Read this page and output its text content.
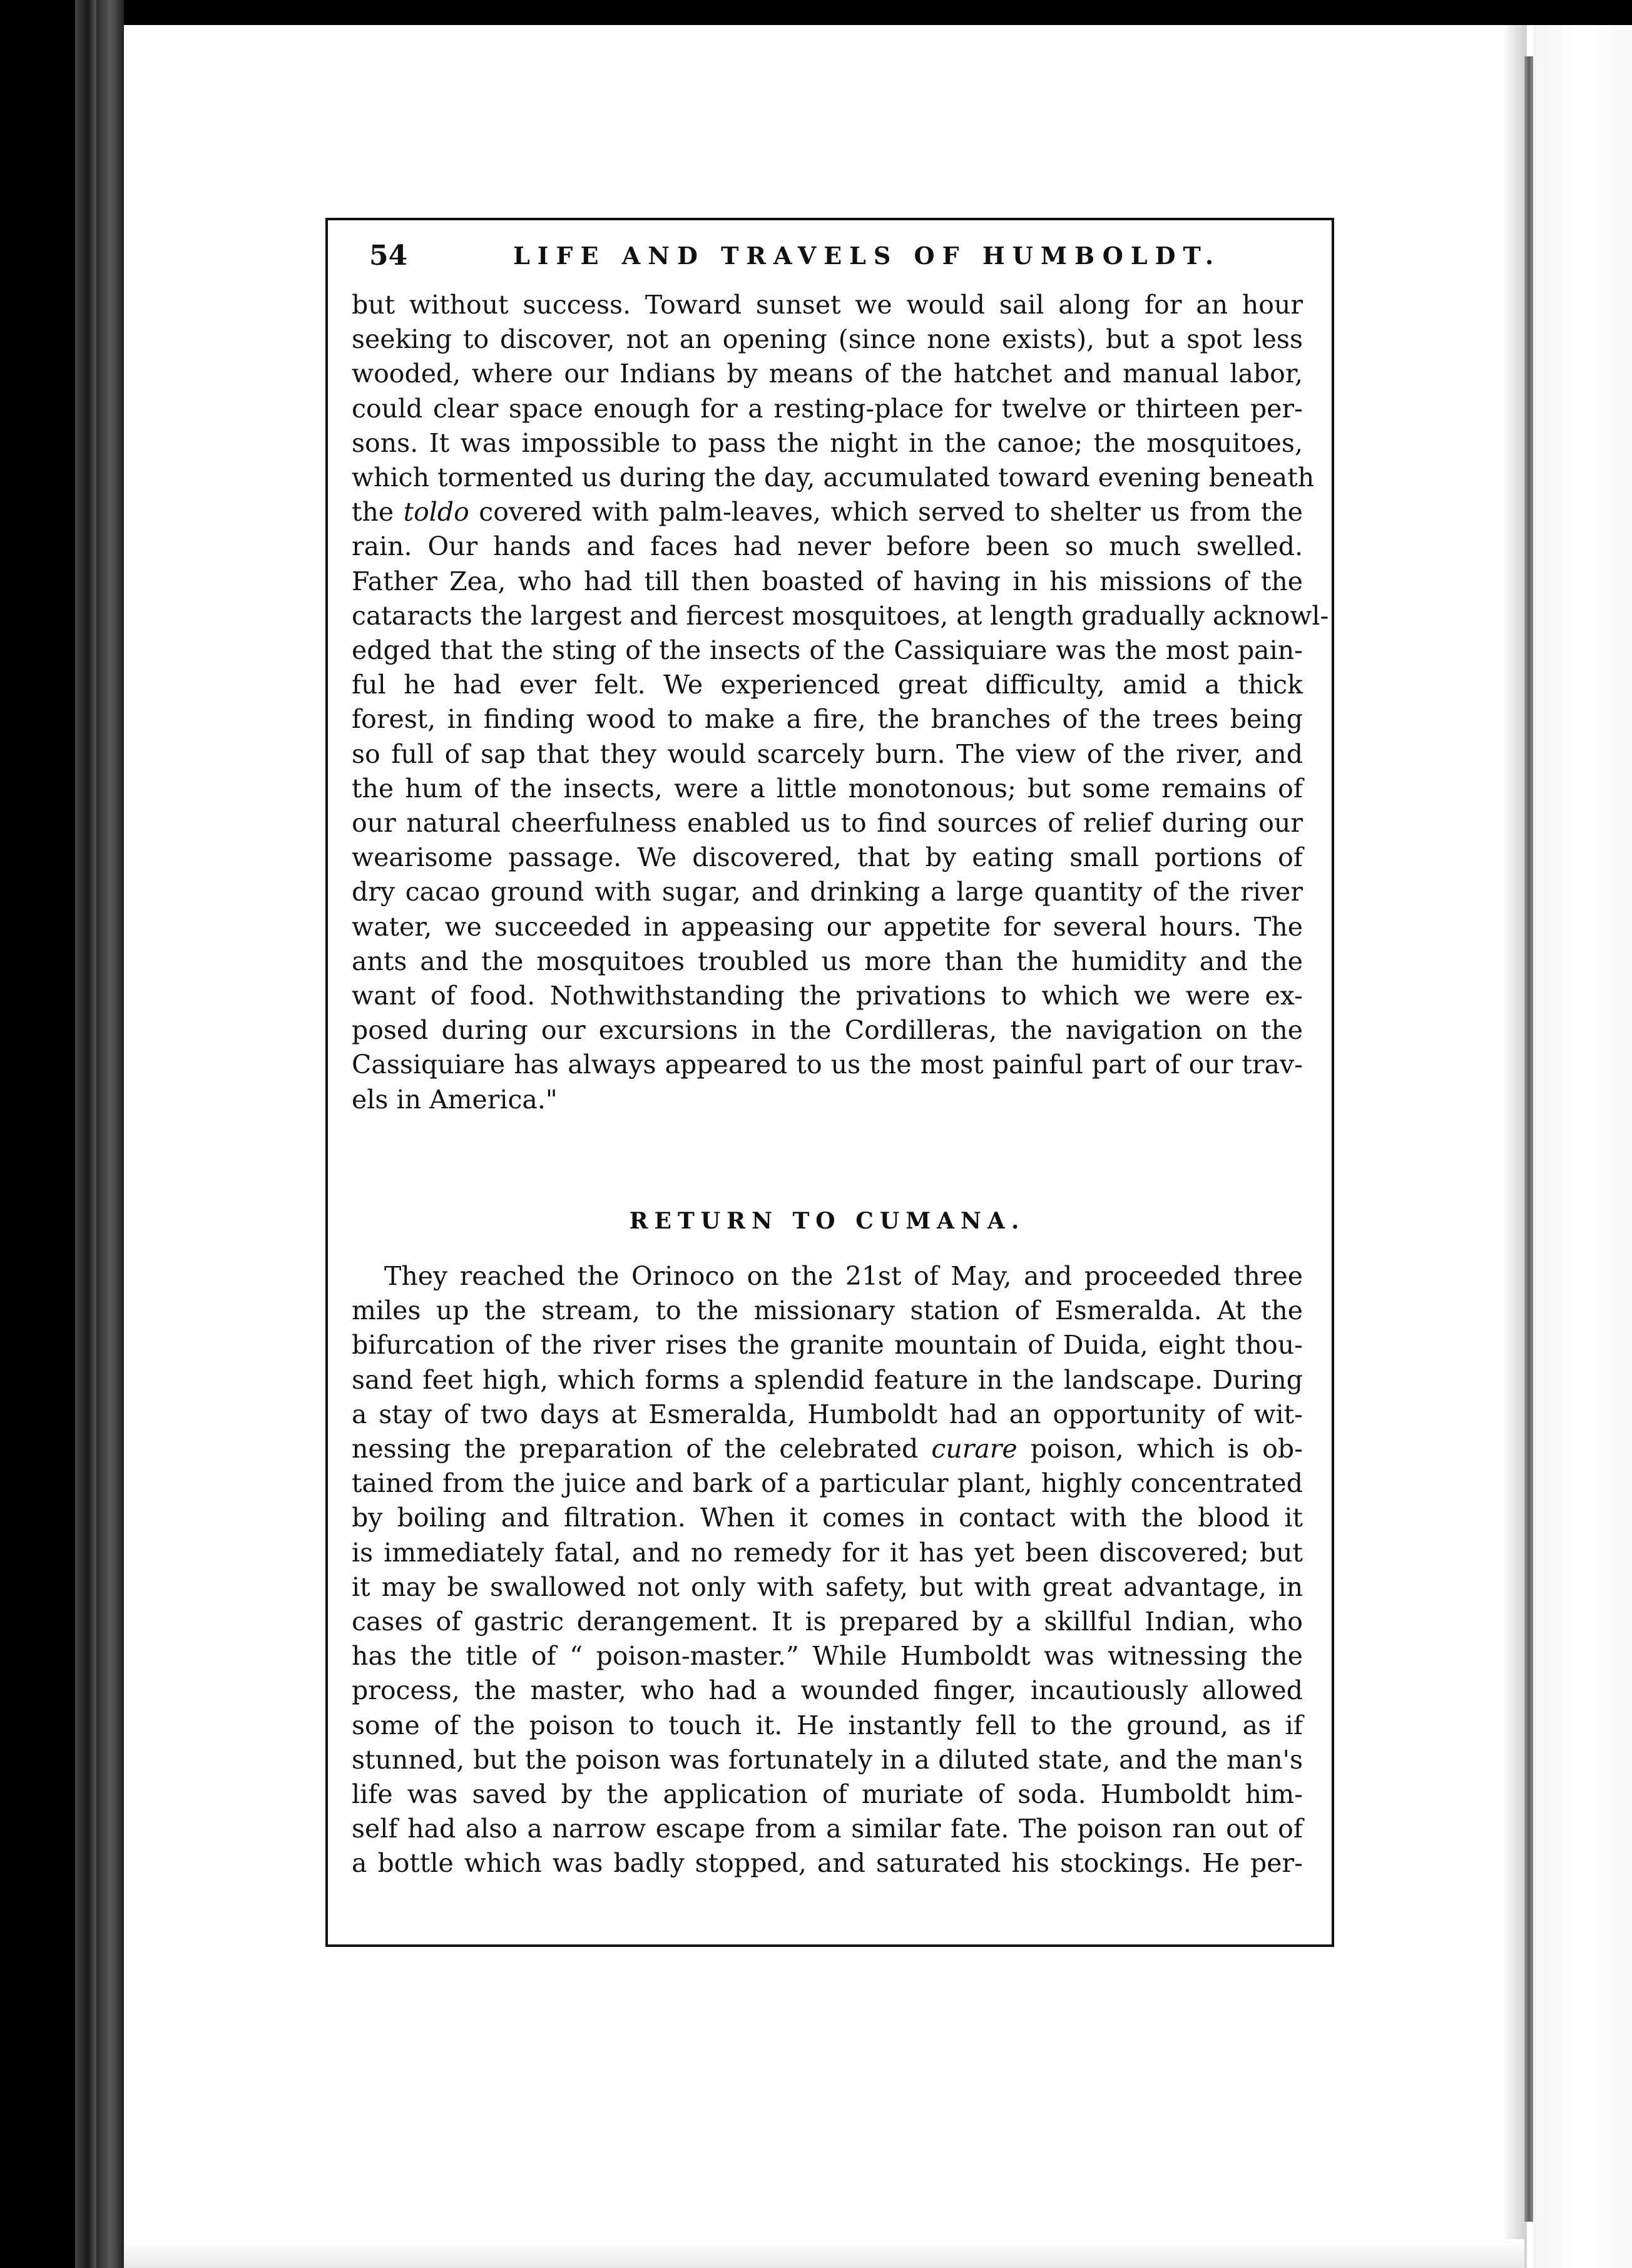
54	LIFE AND TRAVELS OF HUMBOLDT.
but without success. Toward sunset we would sail along for an hour
seeking to discover, not an opening (since none exists), but a spot less
wooded, where our Indians by means of the hatchet and manual labor,
could clear space enough for a resting-place for twelve or thirteen per-
sons. It was impossible to pass the night in the canoe; the mosquitoes,
which tormented us during the day, accumulated toward evening beneath
the toldo covered with palm-leaves, which served to shelter us from the
rain. Our hands and faces had never before been so much swelled.
Father Zea, who had till then boasted of having in his missions of the
cataracts the largest and fiercest mosquitoes, at length gradually acknowl-
edged that the sting of the insects of the Cassiquiare was the most pain-
ful he had ever felt. We experienced great difficulty, amid a thick
forest, in finding wood to make a fire, the branches of the trees being
so full of sap that they would scarcely burn. The view of the river, and
the hum of the insects, were a little monotonous; but some remains of
our natural cheerfulness enabled us to find sources of relief during our
wearisome passage. We discovered, that by eating small portions of
dry cacao ground with sugar, and drinking a large quantity of the river
water, we succeeded in appeasing our appetite for several hours. The
ants and the mosquitoes troubled us more than the humidity and the
want of food. Nothwithstanding the privations to which we were ex-
posed during our excursions in the Cordilleras, the navigation on the
Cassiquiare has always appeared to us the most painful part of our trav-
els in America."
RETURN TO CUMANA.
They reached the Orinoco on the 21st of May, and proceeded three
miles up the stream, to the missionary station of Esmeralda. At the
bifurcation of the river rises the granite mountain of Duida, eight thou-
sand feet high, which forms a splendid feature in the landscape. During
a stay of two days at Esmeralda, Humboldt had an opportunity of wit-
nessing the preparation of the celebrated curare poison, which is ob-
tained from the juice and bark of a particular plant, highly concentrated
by boiling and filtration. When it comes in contact with the blood it
is immediately fatal, and no remedy for it has yet been discovered; but
it may be swallowed not only with safety, but with great advantage, in
cases of gastric derangement. It is prepared by a skillful Indian, who
has the title of “ poison-master.” While Humboldt was witnessing the
process, the master, who had a wounded finger, incautiously allowed
some of the poison to touch it. He instantly fell to the ground, as if
stunned, but the poison was fortunately in a diluted state, and the man's
life was saved by the application of muriate of soda. Humboldt him-
self had also a narrow escape from a similar fate. The poison ran out of
a bottle which was badly stopped, and saturated his stockings. He per-
